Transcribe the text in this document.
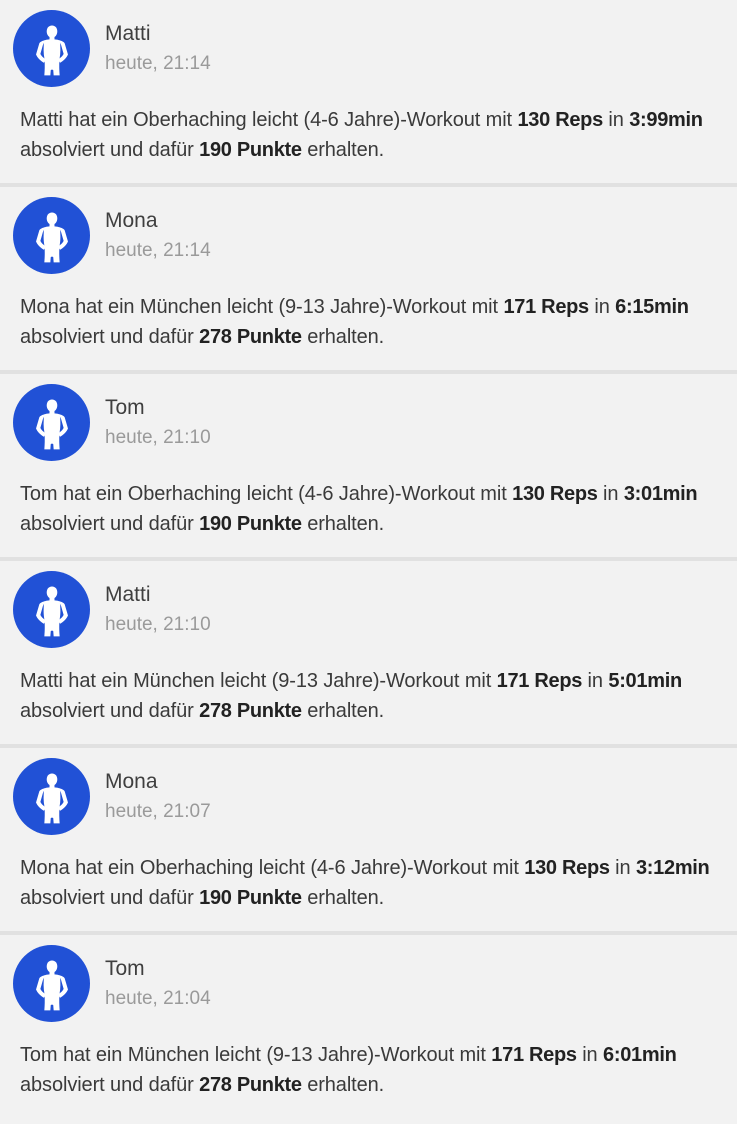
Matti
heute, 21:14

Matti hat ein Oberhaching leicht (4-6 Jahre)-Workout mit 130 Reps in 3:99min absolviert und dafür 190 Punkte erhalten.

Mona
heute, 21:14

Mona hat ein München leicht (9-13 Jahre)-Workout mit 171 Reps in 6:15min absolviert und dafür 278 Punkte erhalten.

Tom
heute, 21:10

Tom hat ein Oberhaching leicht (4-6 Jahre)-Workout mit 130 Reps in 3:01min absolviert und dafür 190 Punkte erhalten.

Matti
heute, 21:10

Matti hat ein München leicht (9-13 Jahre)-Workout mit 171 Reps in 5:01min absolviert und dafür 278 Punkte erhalten.

Mona
heute, 21:07

Mona hat ein Oberhaching leicht (4-6 Jahre)-Workout mit 130 Reps in 3:12min absolviert und dafür 190 Punkte erhalten.

Tom
heute, 21:04

Tom hat ein München leicht (9-13 Jahre)-Workout mit 171 Reps in 6:01min absolviert und dafür 278 Punkte erhalten.
